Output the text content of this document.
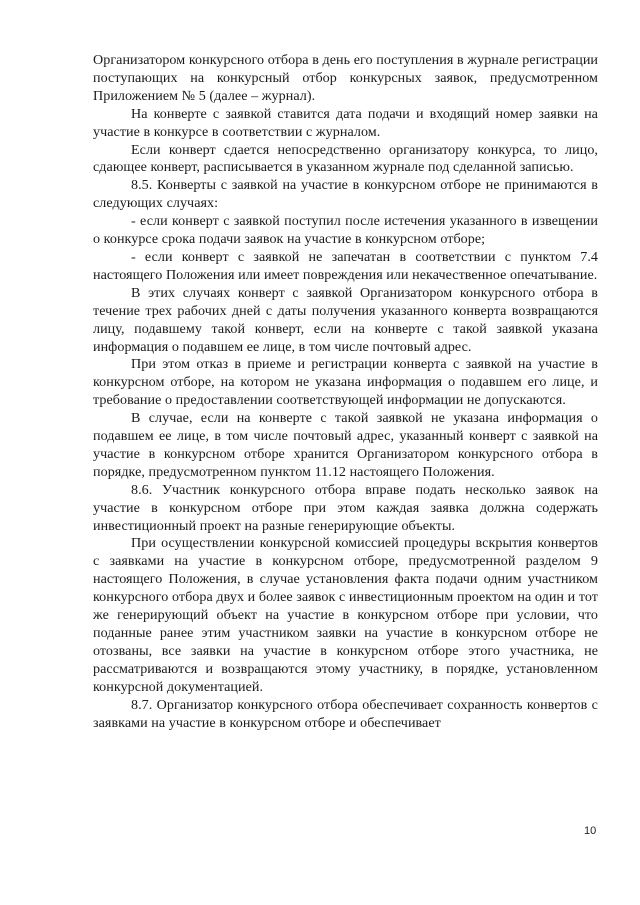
Организатором конкурсного отбора в день его поступления в журнале регистрации поступающих на конкурсный отбор конкурсных заявок, предусмотренном Приложением № 5 (далее – журнал).

На конверте с заявкой ставится дата подачи и входящий номер заявки на участие в конкурсе в соответствии с журналом.

Если конверт сдается непосредственно организатору конкурса, то лицо, сдающее конверт, расписывается в указанном журнале под сделанной записью.

8.5. Конверты с заявкой на участие в конкурсном отборе не принимаются в следующих случаях:

- если конверт с заявкой поступил после истечения указанного в извещении о конкурсе срока подачи заявок на участие в конкурсном отборе;

- если конверт с заявкой не запечатан в соответствии с пунктом 7.4 настоящего Положения или имеет повреждения или некачественное опечатывание.

В этих случаях конверт с заявкой Организатором конкурсного отбора в течение трех рабочих дней с даты получения указанного конверта возвращаются лицу, подавшему такой конверт, если на конверте с такой заявкой указана информация о подавшем ее лице, в том числе почтовый адрес.

При этом отказ в приеме и регистрации конверта с заявкой на участие в конкурсном отборе, на котором не указана информация о подавшем его лице, и требование о предоставлении соответствующей информации не допускаются.

В случае, если на конверте с такой заявкой не указана информация о подавшем ее лице, в том числе почтовый адрес, указанный конверт с заявкой на участие в конкурсном отборе хранится Организатором конкурсного отбора в порядке, предусмотренном пунктом 11.12 настоящего Положения.

8.6. Участник конкурсного отбора вправе подать несколько заявок на участие в конкурсном отборе при этом каждая заявка должна содержать инвестиционный проект на разные генерирующие объекты.

При осуществлении конкурсной комиссией процедуры вскрытия конвертов с заявками на участие в конкурсном отборе, предусмотренной разделом 9 настоящего Положения, в случае установления факта подачи одним участником конкурсного отбора двух и более заявок с инвестиционным проектом на один и тот же генерирующий объект на участие в конкурсном отборе при условии, что поданные ранее этим участником заявки на участие в конкурсном отборе не отозваны, все заявки на участие в конкурсном отборе этого участника, не рассматриваются и возвращаются этому участнику, в порядке, установленном конкурсной документацией.

8.7. Организатор конкурсного отбора обеспечивает сохранность конвертов с заявками на участие в конкурсном отборе и обеспечивает

10
